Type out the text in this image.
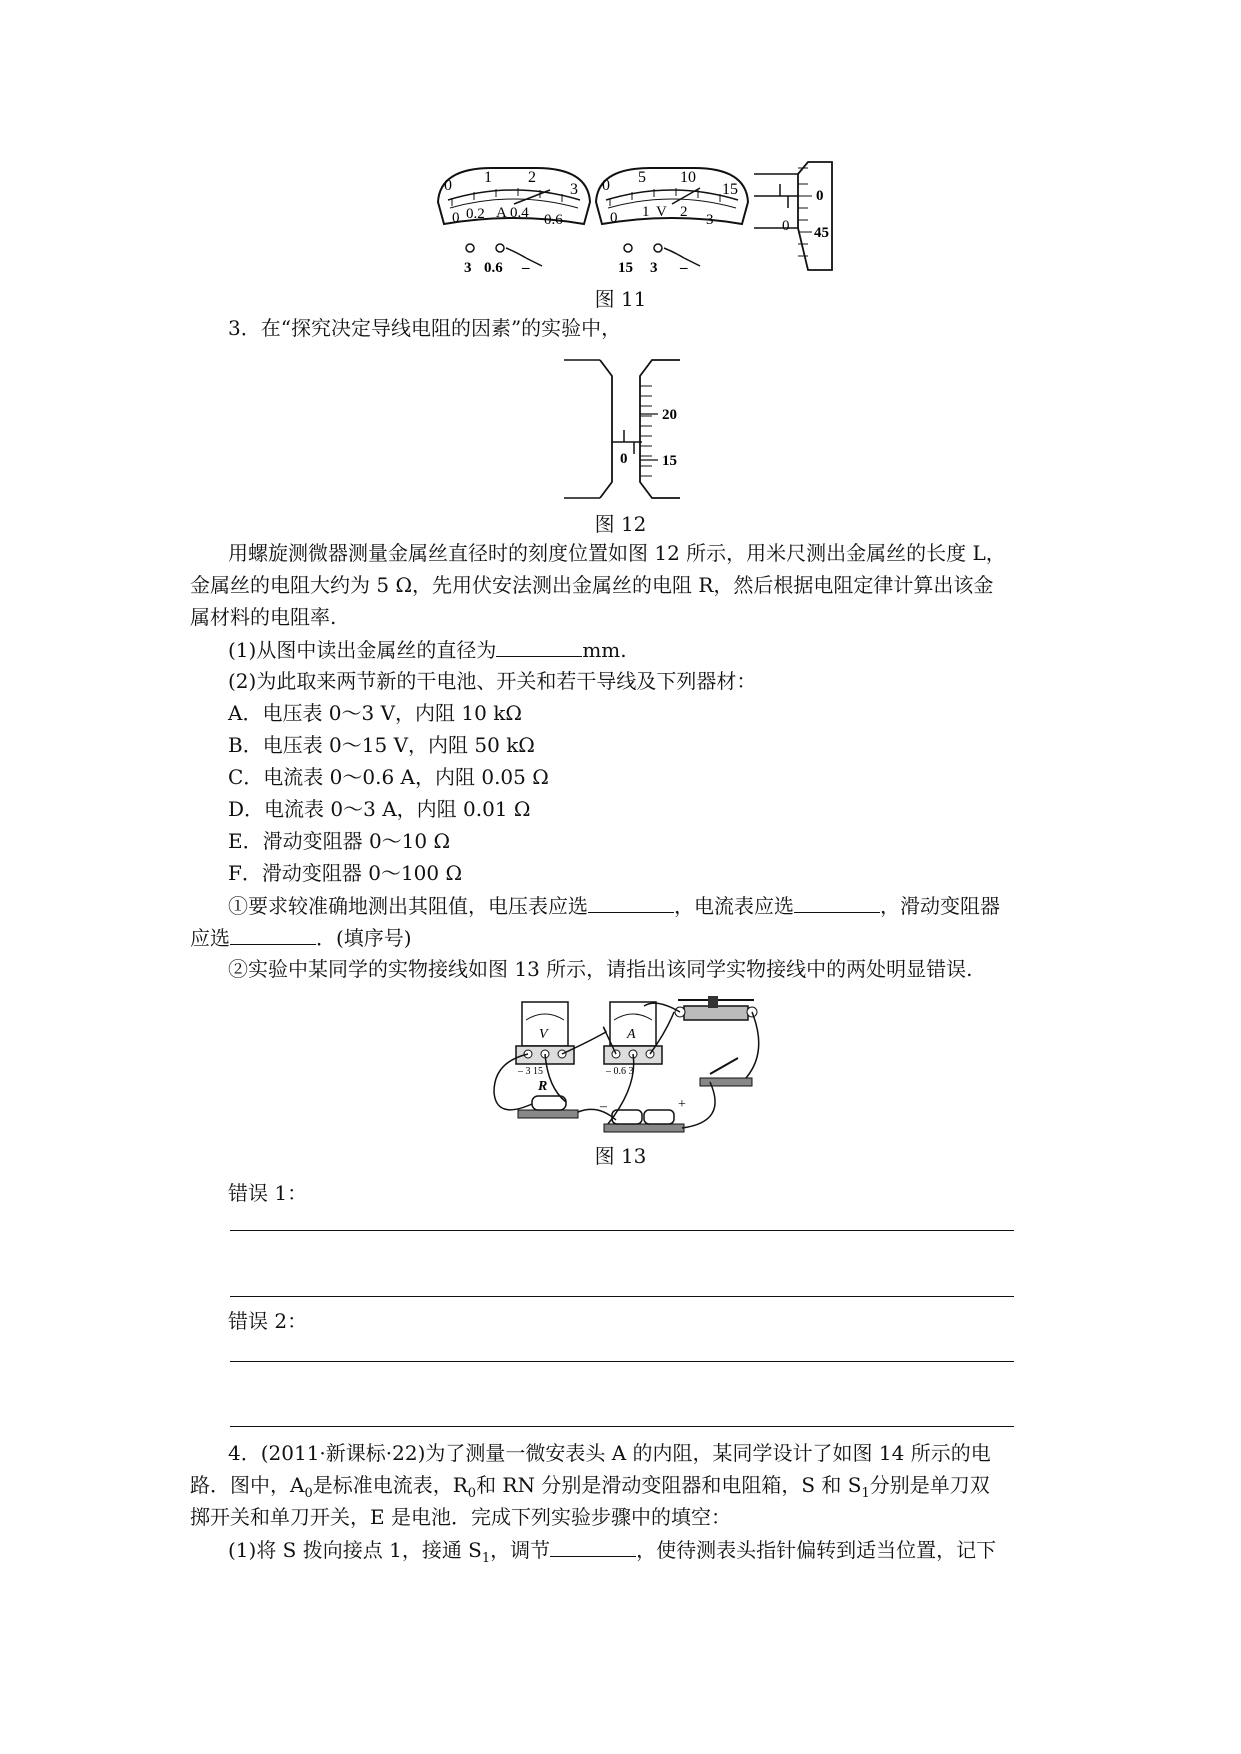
0 1 2
3
0 0.2 A 0.4 0.6
3 0.6 –
0 5 10
15
0 1 V 2 3
15 3 –
0
0 45
图 11
3．在“探究决定导线电阻的因素”的实验中，
20
0 15
图 12
用螺旋测微器测量金属丝直径时的刻度位置如图 12 所示，用米尺测出金属丝的长度 L，
金属丝的电阻大约为 5 Ω，先用伏安法测出金属丝的电阻 R，然后根据电阻定律计算出该金
属材料的电阻率.
(1)从图中读出金属丝的直径为	mm.
(2)为此取来两节新的干电池、开关和若干导线及下列器材：
A．电压表 0～3 V，内阻 10 kΩ
B．电压表 0～15 V，内阻 50 kΩ
C．电流表 0～0.6 A，内阻 0.05 Ω
D．电流表 0～3 A，内阻 0.01 Ω
E．滑动变阻器 0～10 Ω
F．滑动变阻器 0～100 Ω
①要求较准确地测出其阻值，电压表应选	，电流表应选	，滑动变阻器
应选	．(填序号)
②实验中某同学的实物接线如图 13 所示，请指出该同学实物接线中的两处明显错误.
V
– 3 15
A
– 0.6 3
R
–	+
图 13
错误 1：
错误 2：
4．(2011·新课标·22)为了测量一微安表头 A 的内阻，某同学设计了如图 14 所示的电
路．图中，$A_0$是标准电流表，$R_0$和 RN 分别是滑动变阻器和电阻箱，S 和 $S_1$分别是单刀双
掷开关和单刀开关，E 是电池．完成下列实验步骤中的填空：
(1)将 S 拨向接点 1，接通 $S_1$，调节	，使待测表头指针偏转到适当位置，记下
